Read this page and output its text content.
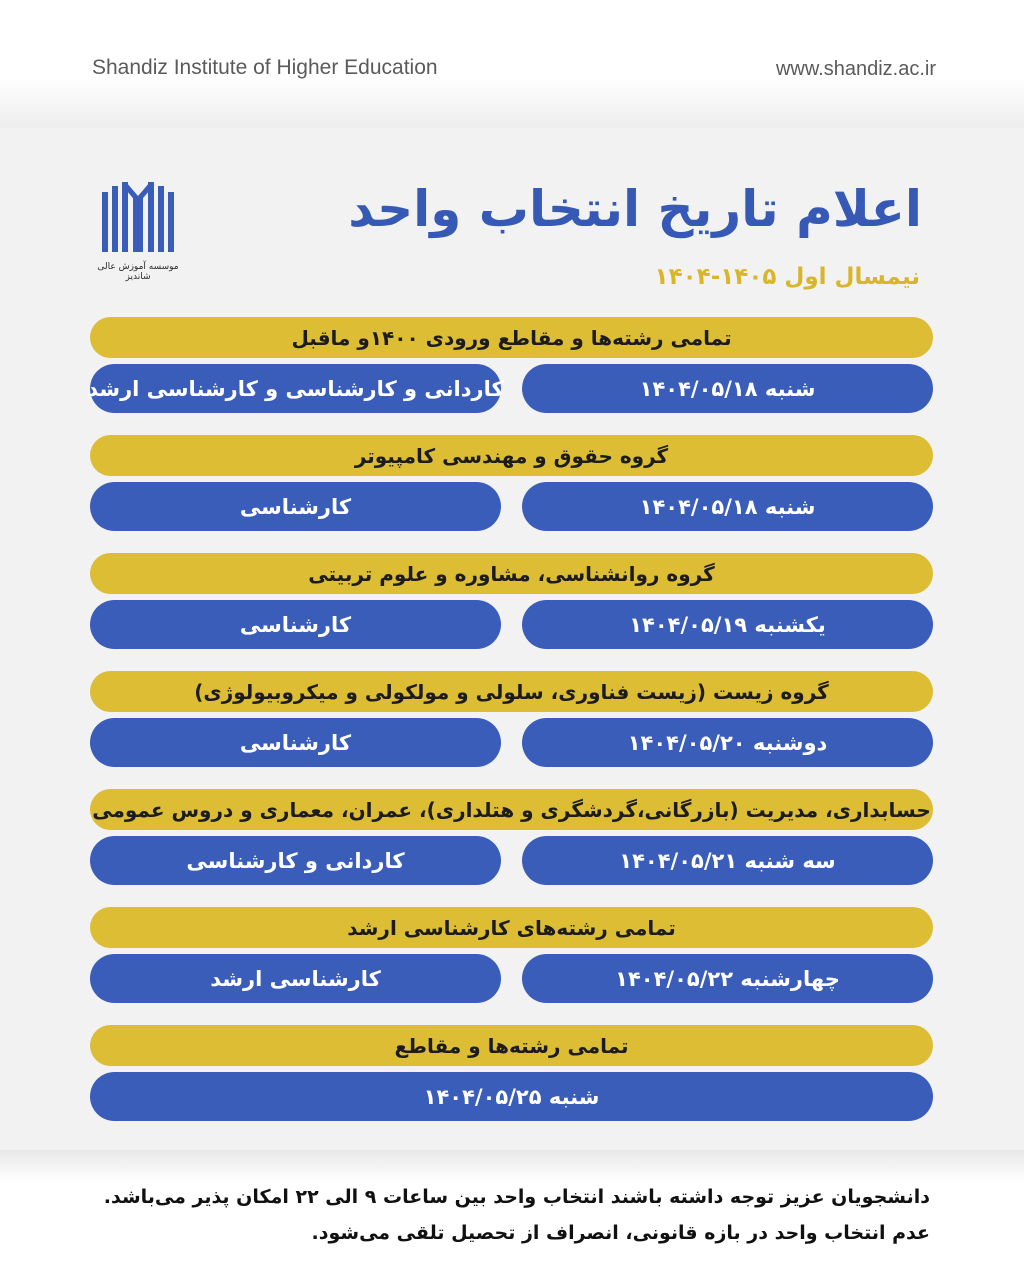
Shandiz Institute of Higher Education	www.shandiz.ac.ir
موسسه آموزش عالی شاندیز
اعلام تاریخ انتخاب واحد
نیمسال اول ۱۴۰۵-۱۴۰۴
تمامی رشته‌ها و مقاطع ورودی ۱۴۰۰و ماقبل
شنبه ۱۴۰۴/۰۵/۱۸
کاردانی و کارشناسی و کارشناسی ارشد
گروه حقوق و مهندسی کامپیوتر
شنبه ۱۴۰۴/۰۵/۱۸
کارشناسی
گروه روانشناسی، مشاوره و علوم تربیتی
یکشنبه ۱۴۰۴/۰۵/۱۹
کارشناسی
گروه زیست (زیست فناوری، سلولی و مولکولی و میکروبیولوژی)
دوشنبه ۱۴۰۴/۰۵/۲۰
کارشناسی
حسابداری، مدیریت (بازرگانی،گردشگری و هتلداری)، عمران، معماری و دروس عمومی
سه شنبه ۱۴۰۴/۰۵/۲۱
کاردانی و کارشناسی
تمامی رشته‌های کارشناسی ارشد
چهارشنبه ۱۴۰۴/۰۵/۲۲
کارشناسی ارشد
تمامی رشته‌ها و مقاطع
شنبه ۱۴۰۴/۰۵/۲۵
دانشجویان عزیز توجه داشته باشند انتخاب واحد بین ساعات ۹ الی ۲۲ امکان پذیر می‌باشد.
عدم انتخاب واحد در بازه قانونی، انصراف از تحصیل تلقی می‌شود.
